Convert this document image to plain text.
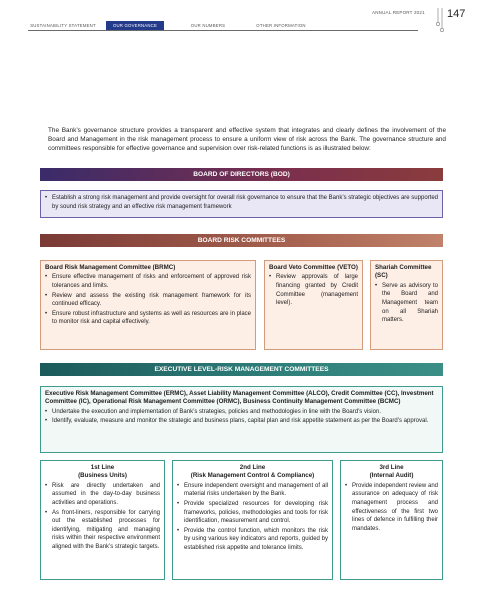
SUSTAINABILITY STATEMENT	OUR GOVERNANCE	OUR NUMBERS	OTHER INFORMATION
ANNUAL REPORT 2021 147
The Bank’s governance structure provides a transparent and effective system that integrates and clearly defines the involvement of the Board and Management in the risk management process to ensure a uniform view of risk across the Bank. The governance structure and committees responsible for effective governance and supervision over risk-related functions is as illustrated below:
BOARD OF DIRECTORS (BOD)
• Establish a strong risk management and provide oversight for overall risk governance to ensure that the Bank’s strategic objectives are supported by sound risk strategy and an effective risk management framework
BOARD RISK COMMITTEES
Board Risk Management Committee (BRMC)
• Ensure effective management of risks and enforcement of approved risk tolerances and limits.
• Review and assess the existing risk management framework for its continued efficacy.
• Ensure robust infrastructure and systems as well as resources are in place to monitor risk and capital effectively.
Board Veto Committee (VETO)
• Review approvals of large financing granted by Credit Committee (management level).
Shariah Committee (SC)
• Serve as advisory to the Board and Management team on all Shariah matters.
EXECUTIVE LEVEL-RISK MANAGEMENT COMMITTEES
Executive Risk Management Committee (ERMC), Asset Liability Management Committee (ALCO), Credit Committee (CC), Investment Committee (IC), Operational Risk Management Committee (ORMC), Business Continuity Management Committee (BCMC)
• Undertake the execution and implementation of Bank’s strategies, policies and methodologies in line with the Board’s vision.
• Identify, evaluate, measure and monitor the strategic and business plans, capital plan and risk appetite statement as per the Board’s approval.
1st Line
(Business Units)
• Risk are directly undertaken and assumed in the day-to-day business activities and operations.
• As front-liners, responsible for carrying out the established processes for identifying, mitigating and managing risks within their respective environment aligned with the Bank’s strategic targets.
2nd Line
(Risk Management Control & Compliance)
• Ensure independent oversight and management of all material risks undertaken by the Bank.
• Provide specialized resources for developing risk frameworks, policies, methodologies and tools for risk identification, measurement and control.
• Provide the control function, which monitors the risk by using various key indicators and reports, guided by established risk appetite and tolerance limits.
3rd Line
(Internal Audit)
• Provide independent review and assurance on adequacy of risk management process and effectiveness of the first two lines of defence in fulfilling their mandates.
